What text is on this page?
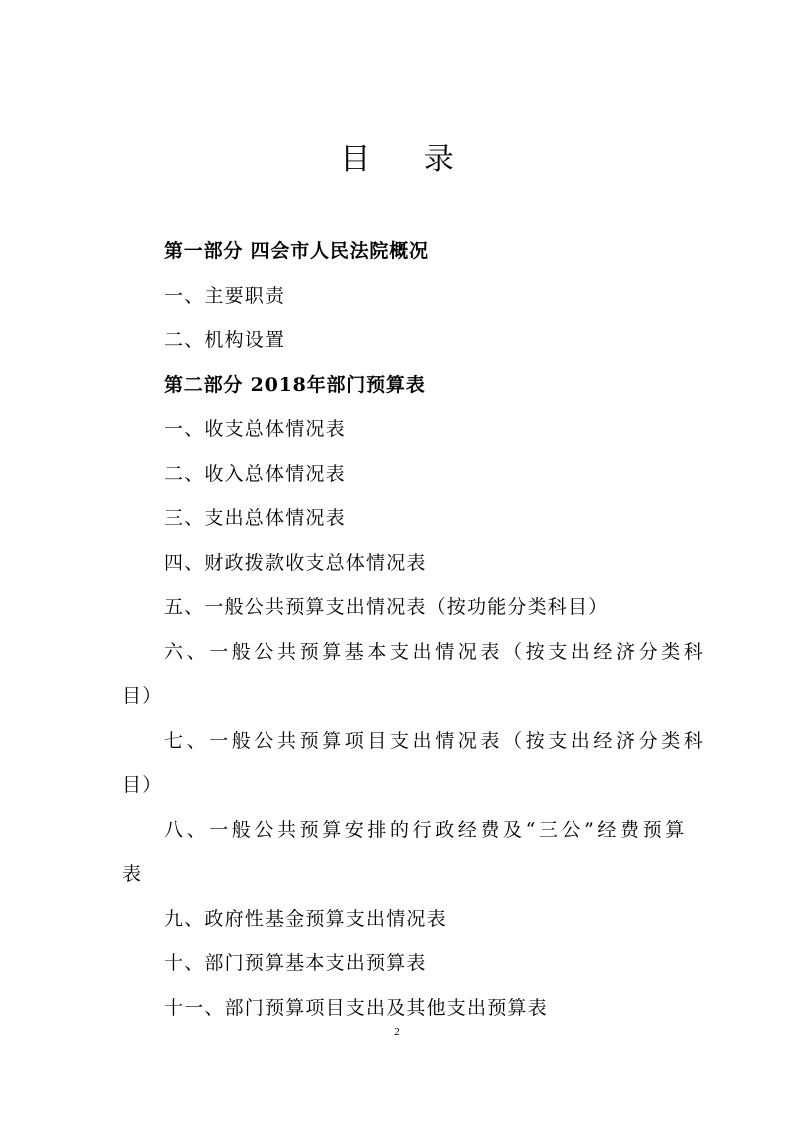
目 录
第一部分 四会市人民法院概况
一、主要职责
二、机构设置
第二部分 2018年部门预算表
一、收支总体情况表
二、收入总体情况表
三、支出总体情况表
四、财政拨款收支总体情况表
五、一般公共预算支出情况表（按功能分类科目）
六、一般公共预算基本支出情况表（按支出经济分类科
目）
七、一般公共预算项目支出情况表（按支出经济分类科
目）
八、一般公共预算安排的行政经费及“三公”经费预算
表
九、政府性基金预算支出情况表
十、部门预算基本支出预算表
十一、部门预算项目支出及其他支出预算表
2
